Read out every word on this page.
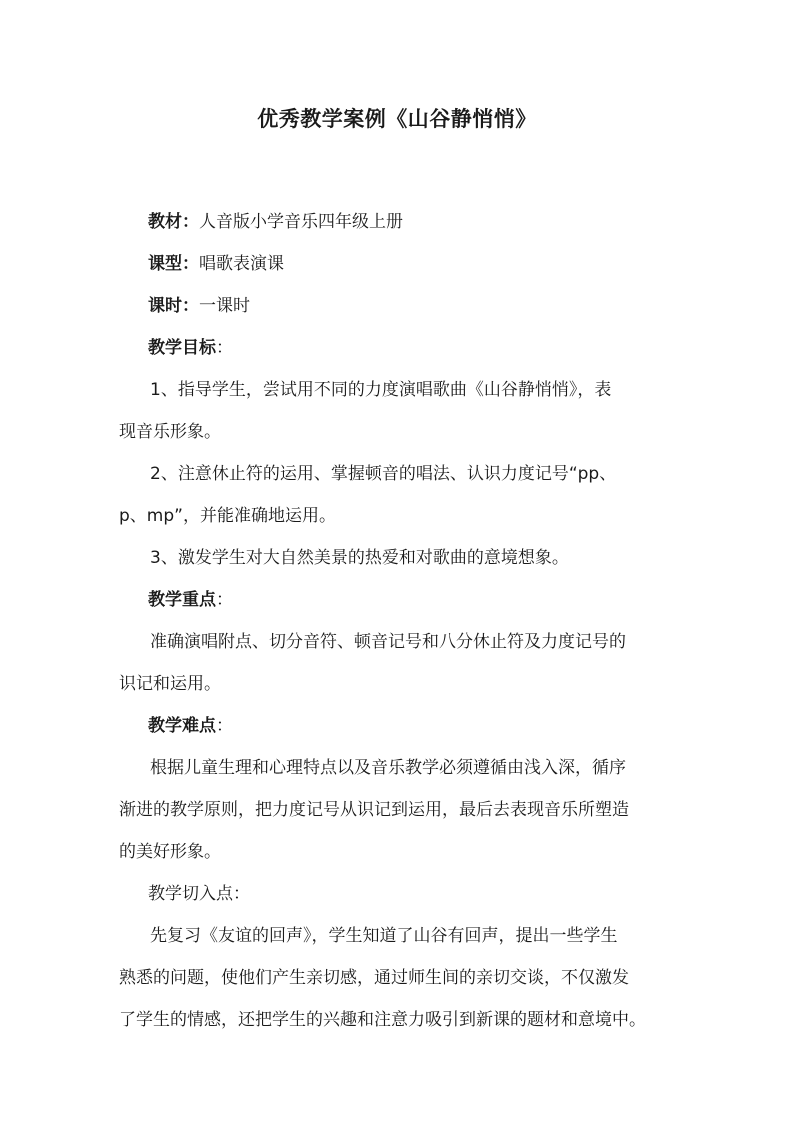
优秀教学案例《山谷静悄悄》
教材：人音版小学音乐四年级上册
课型：唱歌表演课
课时：一课时
教学目标：
1、指导学生，尝试用不同的力度演唱歌曲《山谷静悄悄》，表
现音乐形象。
2、注意休止符的运用、掌握顿音的唱法、认识力度记号“pp、
p、mp”，并能准确地运用。
3、激发学生对大自然美景的热爱和对歌曲的意境想象。
教学重点：
准确演唱附点、切分音符、顿音记号和八分休止符及力度记号的
识记和运用。
教学难点：
根据儿童生理和心理特点以及音乐教学必须遵循由浅入深，循序
渐进的教学原则，把力度记号从识记到运用，最后去表现音乐所塑造
的美好形象。
教学切入点：
先复习《友谊的回声》，学生知道了山谷有回声，提出一些学生
熟悉的问题，使他们产生亲切感，通过师生间的亲切交谈，不仅激发
了学生的情感，还把学生的兴趣和注意力吸引到新课的题材和意境中。
